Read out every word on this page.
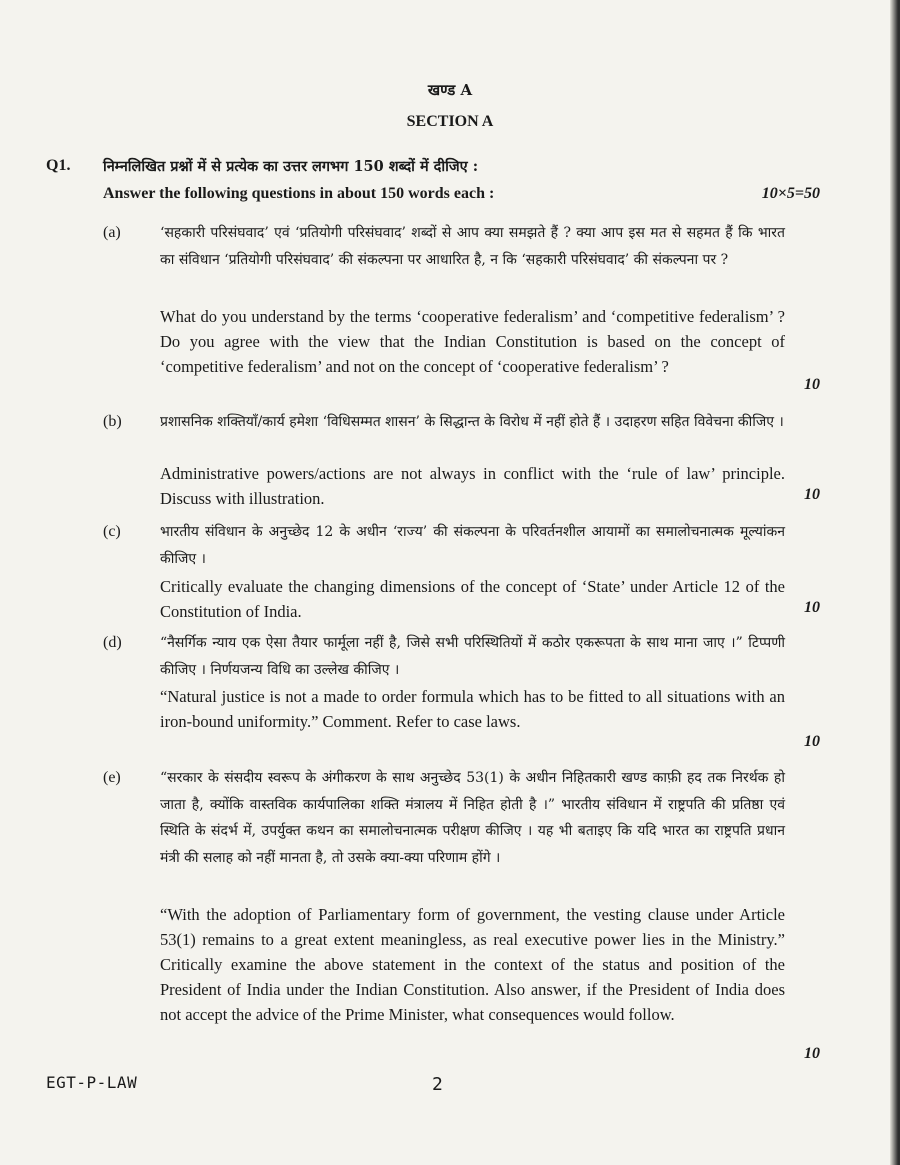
खण्ड A
SECTION A
Q1. निम्नलिखित प्रश्नों में से प्रत्येक का उत्तर लगभग 150 शब्दों में दीजिए :
Answer the following questions in about 150 words each :	10×5=50
(a)	‘सहकारी परिसंघवाद’ एवं ‘प्रतियोगी परिसंघवाद’ शब्दों से आप क्या समझते हैं ? क्या आप इस मत से सहमत हैं कि भारत का संविधान ‘प्रतियोगी परिसंघवाद’ की संकल्पना पर आधारित है, न कि ‘सहकारी परिसंघवाद’ की संकल्पना पर ?
What do you understand by the terms ‘cooperative federalism’ and ‘competitive federalism’ ? Do you agree with the view that the Indian Constitution is based on the concept of ‘competitive federalism’ and not on the concept of ‘cooperative federalism’ ?
10
(b)	प्रशासनिक शक्तियाँ/कार्य हमेशा ‘विधिसम्मत शासन’ के सिद्धान्त के विरोध में नहीं होते हैं । उदाहरण सहित विवेचना कीजिए ।
Administrative powers/actions are not always in conflict with the ‘rule of law’ principle. Discuss with illustration.	10
(c)	भारतीय संविधान के अनुच्छेद 12 के अधीन ‘राज्य’ की संकल्पना के परिवर्तनशील आयामों का समालोचनात्मक मूल्यांकन कीजिए ।
Critically evaluate the changing dimensions of the concept of ‘State’ under Article 12 of the Constitution of India.	10
(d)	“नैसर्गिक न्याय एक ऐसा तैयार फार्मूला नहीं है, जिसे सभी परिस्थितियों में कठोर एकरूपता के साथ माना जाए ।” टिप्पणी कीजिए । निर्णयजन्य विधि का उल्लेख कीजिए ।
“Natural justice is not a made to order formula which has to be fitted to all situations with an iron-bound uniformity.” Comment. Refer to case laws.
10
(e)	“सरकार के संसदीय स्वरूप के अंगीकरण के साथ अनुच्छेद 53(1) के अधीन निहितकारी खण्ड काफ़ी हद तक निरर्थक हो जाता है, क्योंकि वास्तविक कार्यपालिका शक्ति मंत्रालय में निहित होती है ।” भारतीय संविधान में राष्ट्रपति की प्रतिष्ठा एवं स्थिति के संदर्भ में, उपर्युक्त कथन का समालोचनात्मक परीक्षण कीजिए । यह भी बताइए कि यदि भारत का राष्ट्रपति प्रधान मंत्री की सलाह को नहीं मानता है, तो उसके क्या-क्या परिणाम होंगे ।
“With the adoption of Parliamentary form of government, the vesting clause under Article 53(1) remains to a great extent meaningless, as real executive power lies in the Ministry.” Critically examine the above statement in the context of the status and position of the President of India under the Indian Constitution. Also answer, if the President of India does not accept the advice of the Prime Minister, what consequences would follow.
10
EGT-P-LAW	2
